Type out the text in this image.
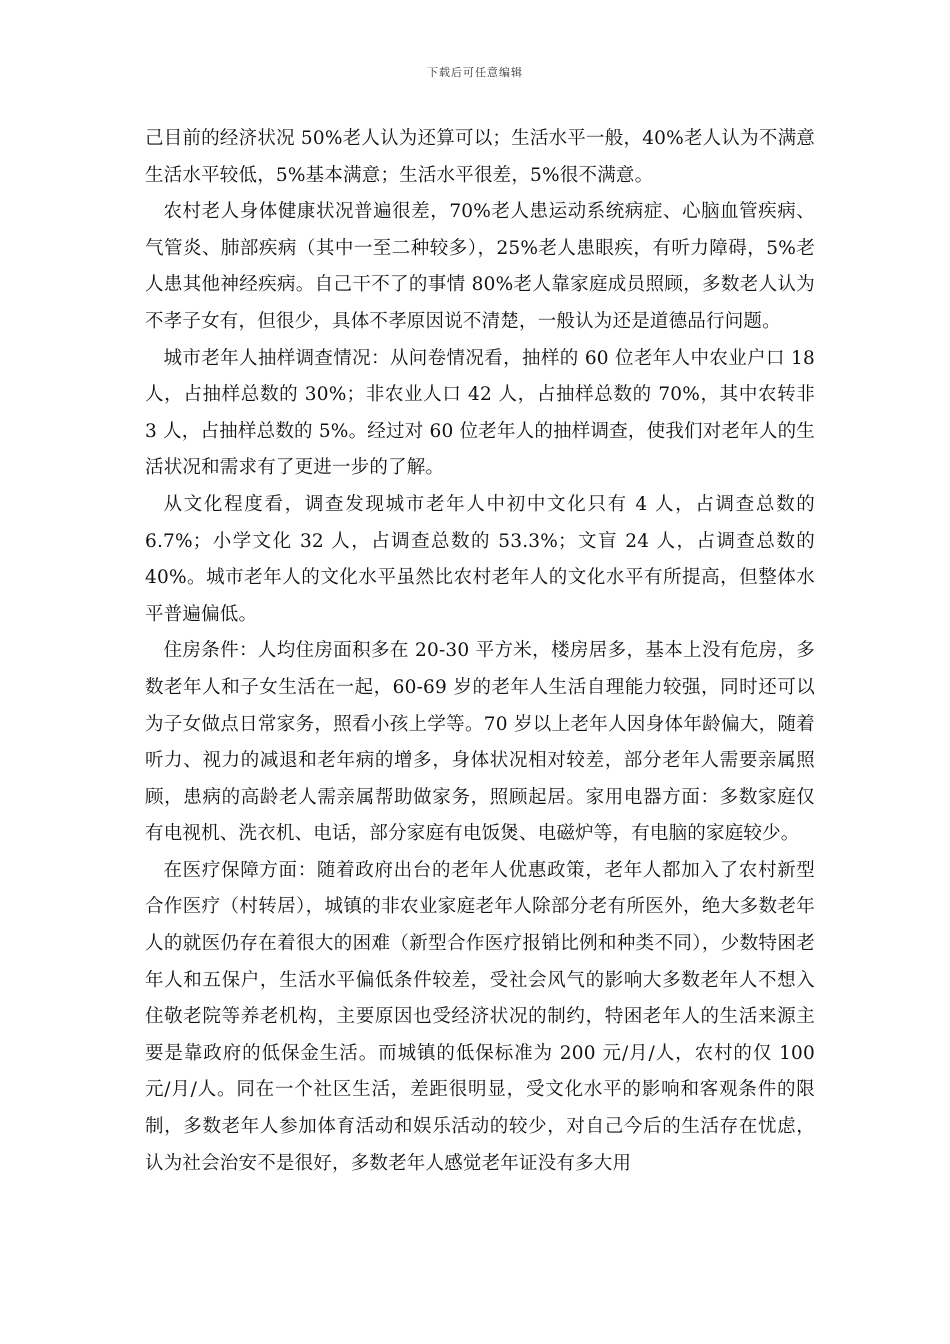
下载后可任意编辑

己目前的经济状况 50%老人认为还算可以；生活水平一般，40%老人认为不满意生活水平较低，5%基本满意；生活水平很差，5%很不满意。

农村老人身体健康状况普遍很差，70%老人患运动系统病症、心脑血管疾病、气管炎、肺部疾病（其中一至二种较多），25%老人患眼疾，有听力障碍，5%老人患其他神经疾病。自己干不了的事情 80%老人靠家庭成员照顾，多数老人认为不孝子女有，但很少，具体不孝原因说不清楚，一般认为还是道德品行问题。

城市老年人抽样调查情况：从问卷情况看，抽样的 60 位老年人中农业户口 18 人，占抽样总数的 30%；非农业人口 42 人，占抽样总数的 70%，其中农转非 3 人，占抽样总数的 5%。经过对 60 位老年人的抽样调查，使我们对老年人的生活状况和需求有了更进一步的了解。

从文化程度看，调查发现城市老年人中初中文化只有 4 人，占调查总数的 6.7%；小学文化 32 人，占调查总数的 53.3%；文盲 24 人，占调查总数的 40%。城市老年人的文化水平虽然比农村老年人的文化水平有所提高，但整体水平普遍偏低。

住房条件：人均住房面积多在 20-30 平方米，楼房居多，基本上没有危房，多数老年人和子女生活在一起，60-69 岁的老年人生活自理能力较强，同时还可以为子女做点日常家务，照看小孩上学等。70 岁以上老年人因身体年龄偏大，随着听力、视力的减退和老年病的增多，身体状况相对较差，部分老年人需要亲属照顾，患病的高龄老人需亲属帮助做家务，照顾起居。家用电器方面：多数家庭仅有电视机、洗衣机、电话，部分家庭有电饭煲、电磁炉等，有电脑的家庭较少。

在医疗保障方面：随着政府出台的老年人优惠政策，老年人都加入了农村新型合作医疗（村转居），城镇的非农业家庭老年人除部分老有所医外，绝大多数老年人的就医仍存在着很大的困难（新型合作医疗报销比例和种类不同），少数特困老年人和五保户，生活水平偏低条件较差，受社会风气的影响大多数老年人不想入住敬老院等养老机构，主要原因也受经济状况的制约，特困老年人的生活来源主要是靠政府的低保金生活。而城镇的低保标准为 200 元/月/人，农村的仅 100 元/月/人。同在一个社区生活，差距很明显，受文化水平的影响和客观条件的限制，多数老年人参加体育活动和娱乐活动的较少，对自己今后的生活存在忧虑，认为社会治安不是很好，多数老年人感觉老年证没有多大用
